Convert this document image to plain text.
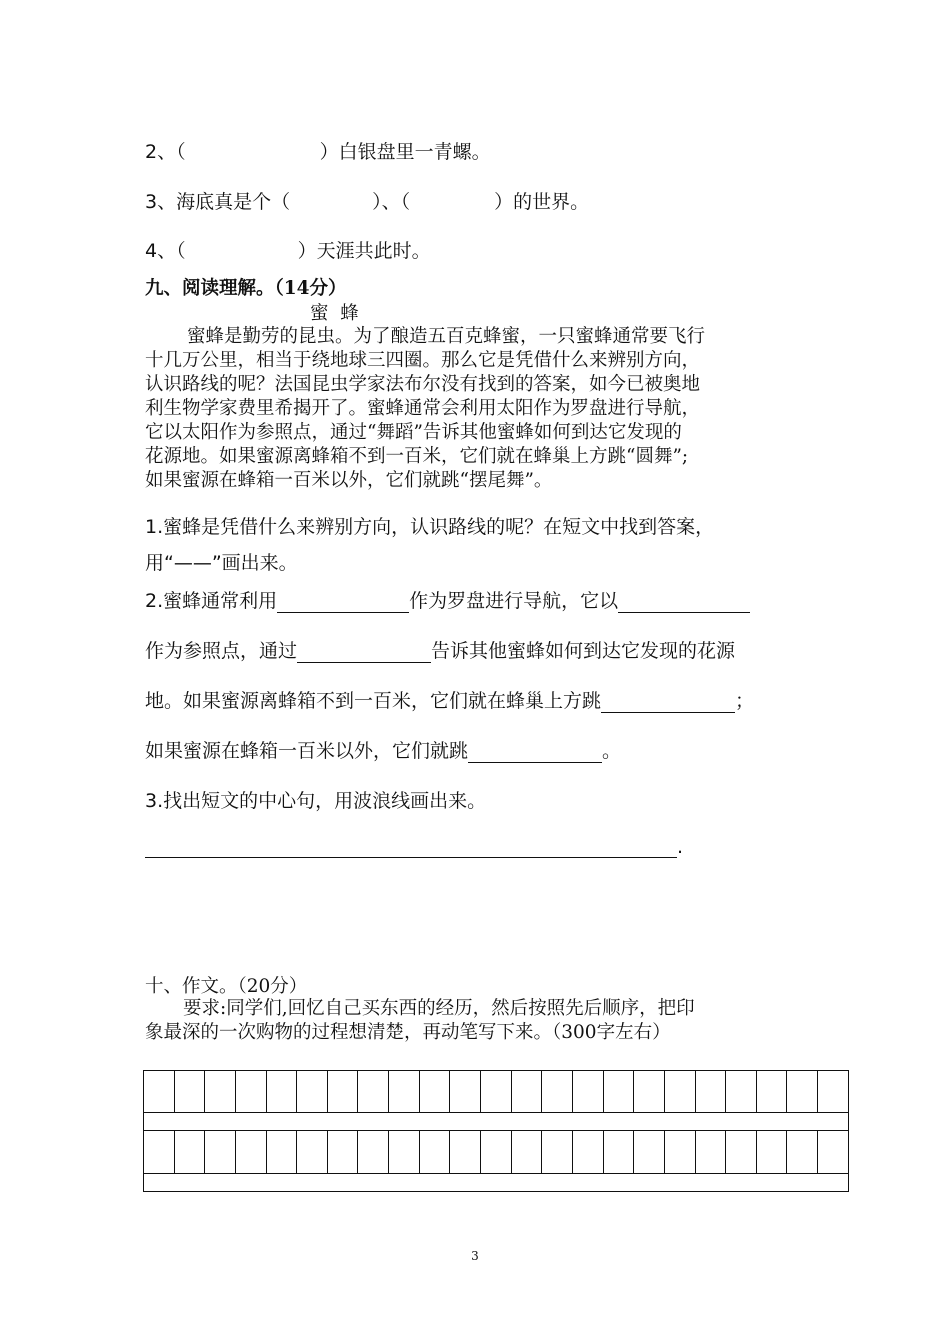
2、（	）白银盘里一青螺。
3、海底真是个（	）、（	）的世界。
4、（	）天涯共此时。
九、阅读理解。（14分）
蜜  蜂
蜜蜂是勤劳的昆虫。为了酿造五百克蜂蜜，一只蜜蜂通常要飞行
十几万公里，相当于绕地球三四圈。那么它是凭借什么来辨别方向，
认识路线的呢？法国昆虫学家法布尔没有找到的答案，如今已被奥地
利生物学家费里希揭开了。蜜蜂通常会利用太阳作为罗盘进行导航，
它以太阳作为参照点，通过“舞蹈”告诉其他蜜蜂如何到达它发现的
花源地。如果蜜源离蜂箱不到一百米，它们就在蜂巢上方跳“圆舞”;
如果蜜源在蜂箱一百米以外，它们就跳“摆尾舞”。
1.蜜蜂是凭借什么来辨别方向，认识路线的呢？在短文中找到答案，
用“——”画出来。
2.蜜蜂通常利用	作为罗盘进行导航，它以
作为参照点，通过	告诉其他蜜蜂如何到达它发现的花源
地。如果蜜源离蜂箱不到一百米，它们就在蜂巢上方跳	；
如果蜜源在蜂箱一百米以外，它们就跳	。
3.找出短文的中心句，用波浪线画出来。
.
十、作文。（20分）
要求:同学们,回忆自己买东西的经历，然后按照先后顺序，把印
象最深的一次购物的过程想清楚，再动笔写下来。（300字左右）

3
